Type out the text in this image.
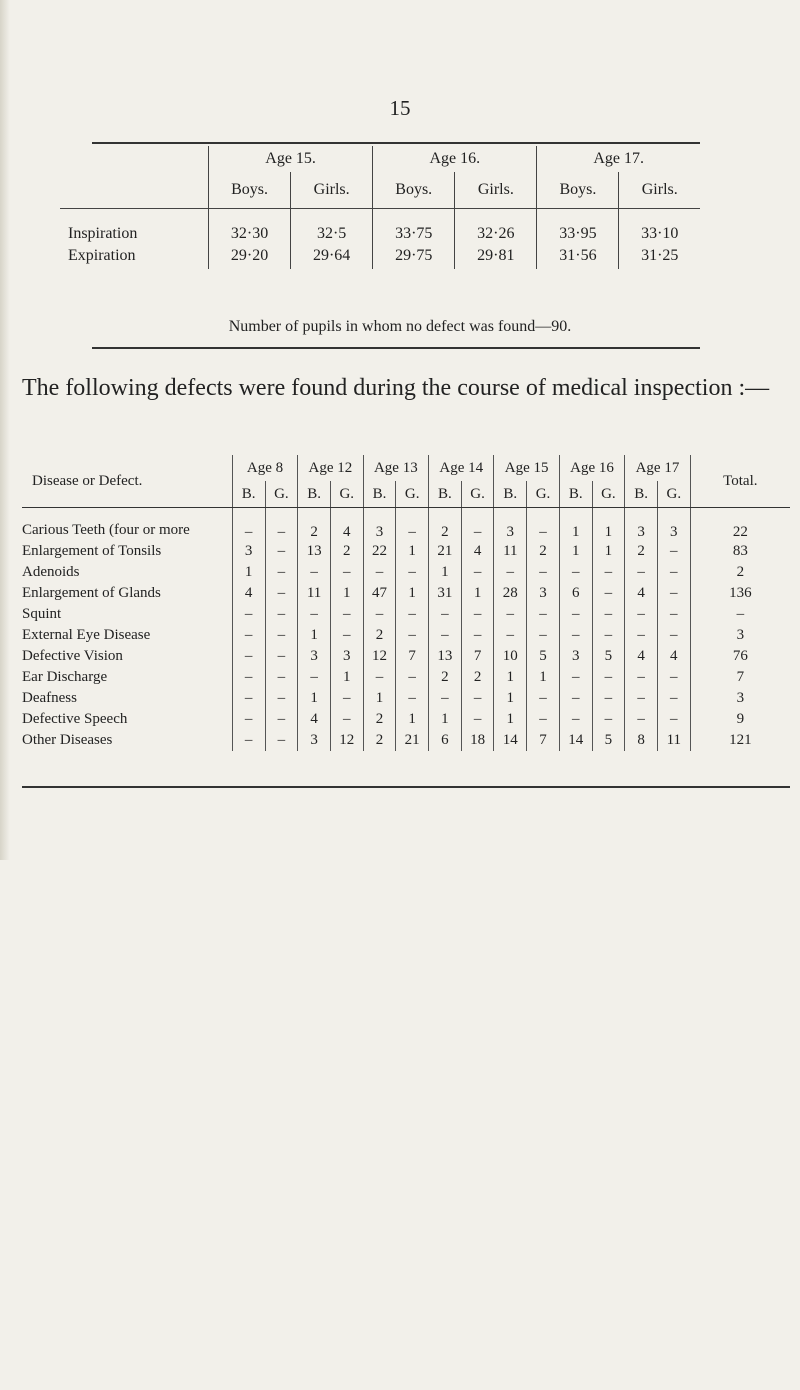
15
	Age 15.		Age 16.		Age 17.	
	Boys.	Girls.	Boys.	Girls.	Boys.	Girls.
Inspiration	32·30	32·5	33·75	32·26	33·95	33·10
Expiration	29·20	29·64	29·75	29·81	31·56	31·25
Number of pupils in whom no defect was found—90.
The following defects were found during the course of medical inspection :—
Disease or Defect.	Age 8		Age 12		Age 13		Age 14		Age 15		Age 16		Age 17		Total.
	B.	G.	B.	G.	B.	G.	B.	G.	B.	G.	B.	G.	B.	G.	

Carious Teeth (four or more	–	–	2	4	3	–	2	–	3	–	1	1	3	3	22
Enlargement of Tonsils	3	–	13	2	22	1	21	4	11	2	1	1	2	–	83
Adenoids	1	–	–	–	–	–	1	–	–	–	–	–	–	–	2
Enlargement of Glands	4	–	11	1	47	1	31	1	28	3	6	–	4	–	136
Squint	–	–	–	–	–	–	–	–	–	–	–	–	–	–	–
External Eye Disease	–	–	1	–	2	–	–	–	–	–	–	–	–	–	3
Defective Vision	–	–	3	3	12	7	13	7	10	5	3	5	4	4	76
Ear Discharge	–	–	–	1	–	–	2	2	1	1	–	–	–	–	7
Deafness	–	–	1	–	1	–	–	–	1	–	–	–	–	–	3
Defective Speech	–	–	4	–	2	1	1	–	1	–	–	–	–	–	9
Other Diseases	–	–	3	12	2	21	6	18	14	7	14	5	8	11	121
